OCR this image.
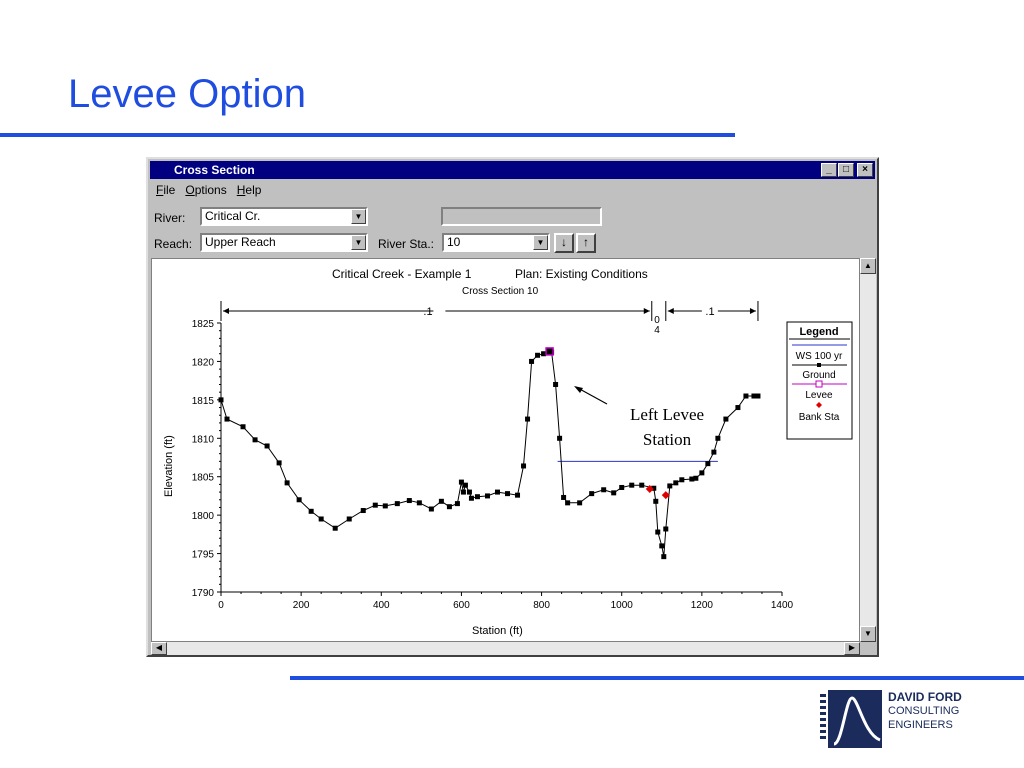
Levee Option
Cross Section	_	□	×
File Options Help
River:	Critical Cr.	▼
Reach:	Upper Reach	▼ River Sta.:	10	▼	↓	↑
Critical Creek - Example 1	Plan: Existing Conditions
Cross Section 10
Station (ft)
Elevation (ft)
0	200	400	600	800	1000	1200	1400
1790
1795
1800
1805
1810
1815
1820
1825
.1
0
4
.1
Left Levee
Station
Legend
WS 100 yr
Ground
Levee
Bank Sta
▲
▼
◀	▶
DAVID FORD
CONSULTING
ENGINEERS
